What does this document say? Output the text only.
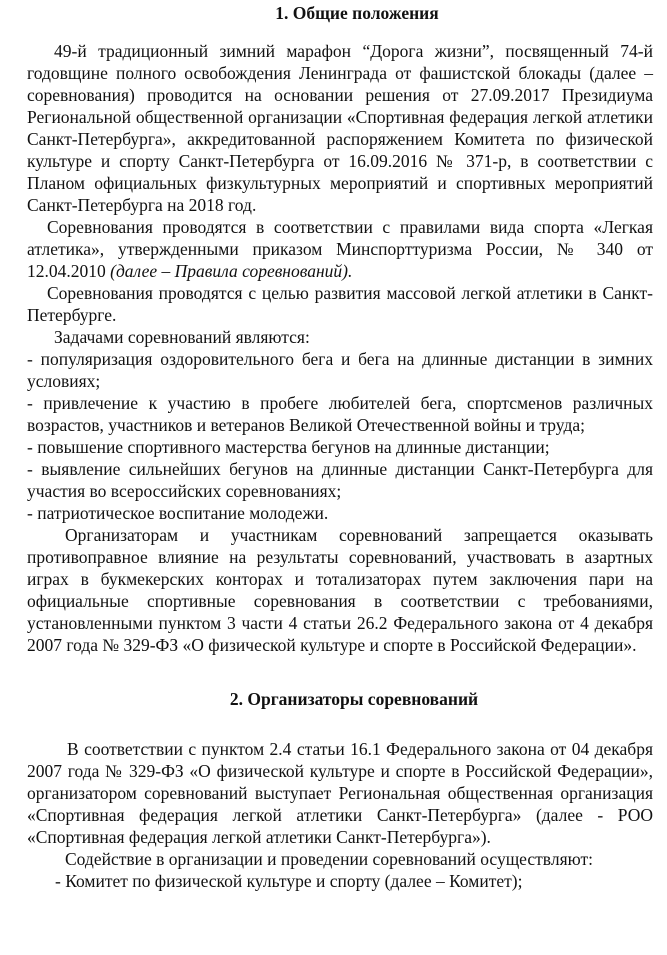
1. Общие положения

49-й традиционный зимний марафон “Дорога жизни”, посвященный 74-й годовщине полного освобождения Ленинграда от фашистской блокады (далее – соревнования) проводится на основании решения от 27.09.2017 Президиума Региональной общественной организации «Спортивная федерация легкой атлетики Санкт-Петербурга», аккредитованной распоряжением Комитета по физической культуре и спорту Санкт-Петербурга от 16.09.2016 № 371-р, в соответствии с Планом официальных физкультурных мероприятий и спортивных мероприятий Санкт-Петербурга на 2018 год.

Соревнования проводятся в соответствии с правилами вида спорта «Легкая атлетика», утвержденными приказом Минспорттуризма России, № 340 от 12.04.2010 (далее – Правила соревнований).

Соревнования проводятся с целью развития массовой легкой атлетики в Санкт-Петербурге.

Задачами соревнований являются:

- популяризация оздоровительного бега и бега на длинные дистанции в зимних условиях;

- привлечение к участию в пробеге любителей бега, спортсменов различных возрастов, участников и ветеранов Великой Отечественной войны и труда;

- повышение спортивного мастерства бегунов на длинные дистанции;

- выявление сильнейших бегунов на длинные дистанции Санкт-Петербурга для участия во всероссийских соревнованиях;

- патриотическое воспитание молодежи.

Организаторам и участникам соревнований запрещается оказывать противоправное влияние на результаты соревнований, участвовать в азартных играх в букмекерских конторах и тотализаторах путем заключения пари на официальные спортивные соревнования в соответствии с требованиями, установленными пунктом 3 части 4 статьи 26.2 Федерального закона от 4 декабря 2007 года № 329-ФЗ «О физической культуре и спорте в Российской Федерации».

2. Организаторы соревнований

В соответствии с пунктом 2.4 статьи 16.1 Федерального закона от 04 декабря 2007 года № 329-ФЗ «О физической культуре и спорте в Российской Федерации», организатором соревнований выступает Региональная общественная организация «Спортивная федерация легкой атлетики Санкт-Петербурга» (далее - РОО «Спортивная федерация легкой атлетики Санкт-Петербурга»).

Содействие в организации и проведении соревнований осуществляют:

- Комитет по физической культуре и спорту (далее – Комитет);
